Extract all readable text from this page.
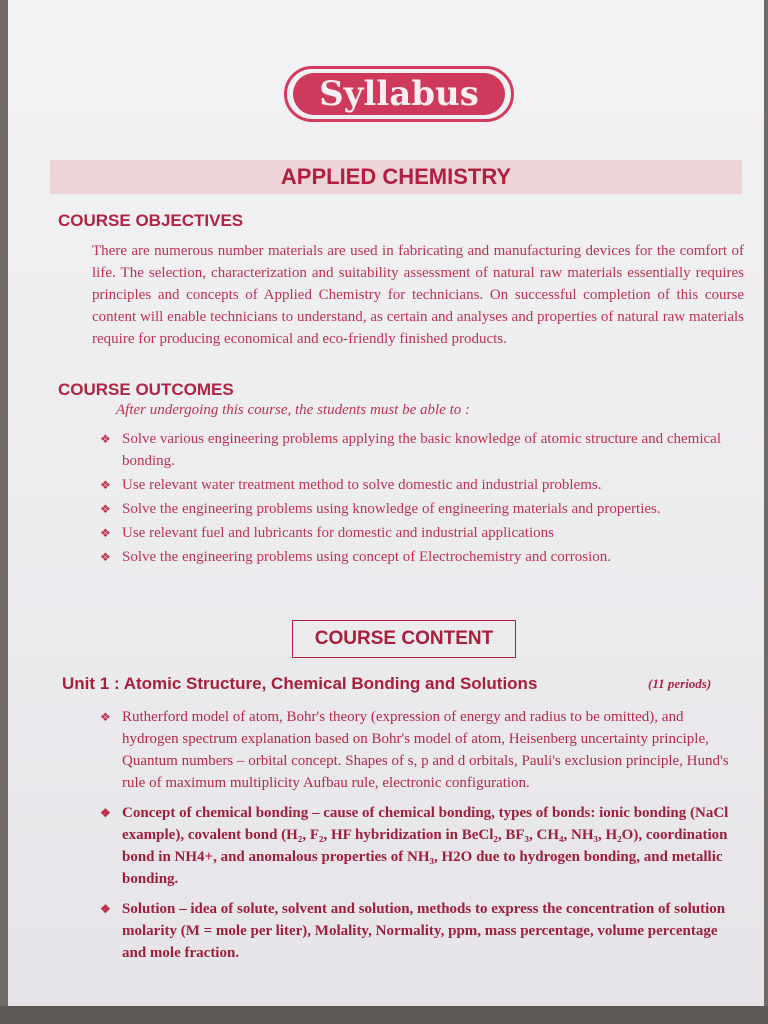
Syllabus
APPLIED CHEMISTRY
COURSE OBJECTIVES
There are numerous number materials are used in fabricating and manufacturing devices for the comfort of life. The selection, characterization and suitability assessment of natural raw materials essentially requires principles and concepts of Applied Chemistry for technicians. On successful completion of this course content will enable technicians to understand, as certain and analyses and properties of natural raw materials require for producing economical and eco-friendly finished products.
COURSE OUTCOMES
After undergoing this course, the students must be able to :
❖ Solve various engineering problems applying the basic knowledge of atomic structure and chemical bonding.
❖ Use relevant water treatment method to solve domestic and industrial problems.
❖ Solve the engineering problems using knowledge of engineering materials and properties.
❖ Use relevant fuel and lubricants for domestic and industrial applications
❖ Solve the engineering problems using concept of Electrochemistry and corrosion.
COURSE CONTENT
Unit 1 : Atomic Structure, Chemical Bonding and Solutions	(11 periods)
❖ Rutherford model of atom, Bohr's theory (expression of energy and radius to be omitted), and hydrogen spectrum explanation based on Bohr's model of atom, Heisenberg uncertainty principle, Quantum numbers – orbital concept. Shapes of s, p and d orbitals, Pauli's exclusion principle, Hund's rule of maximum multiplicity Aufbau rule, electronic configuration.
❖ Concept of chemical bonding – cause of chemical bonding, types of bonds: ionic bonding (NaCl example), covalent bond (H₂, F₂, HF hybridization in BeCl₂, BF₃, CH₄, NH₃, H₂O), coordination bond in NH4+, and anomalous properties of NH₃, H2O due to hydrogen bonding, and metallic bonding.
❖ Solution – idea of solute, solvent and solution, methods to express the concentration of solution molarity (M = mole per liter), Molality, Normality, ppm, mass percentage, volume percentage and mole fraction.
